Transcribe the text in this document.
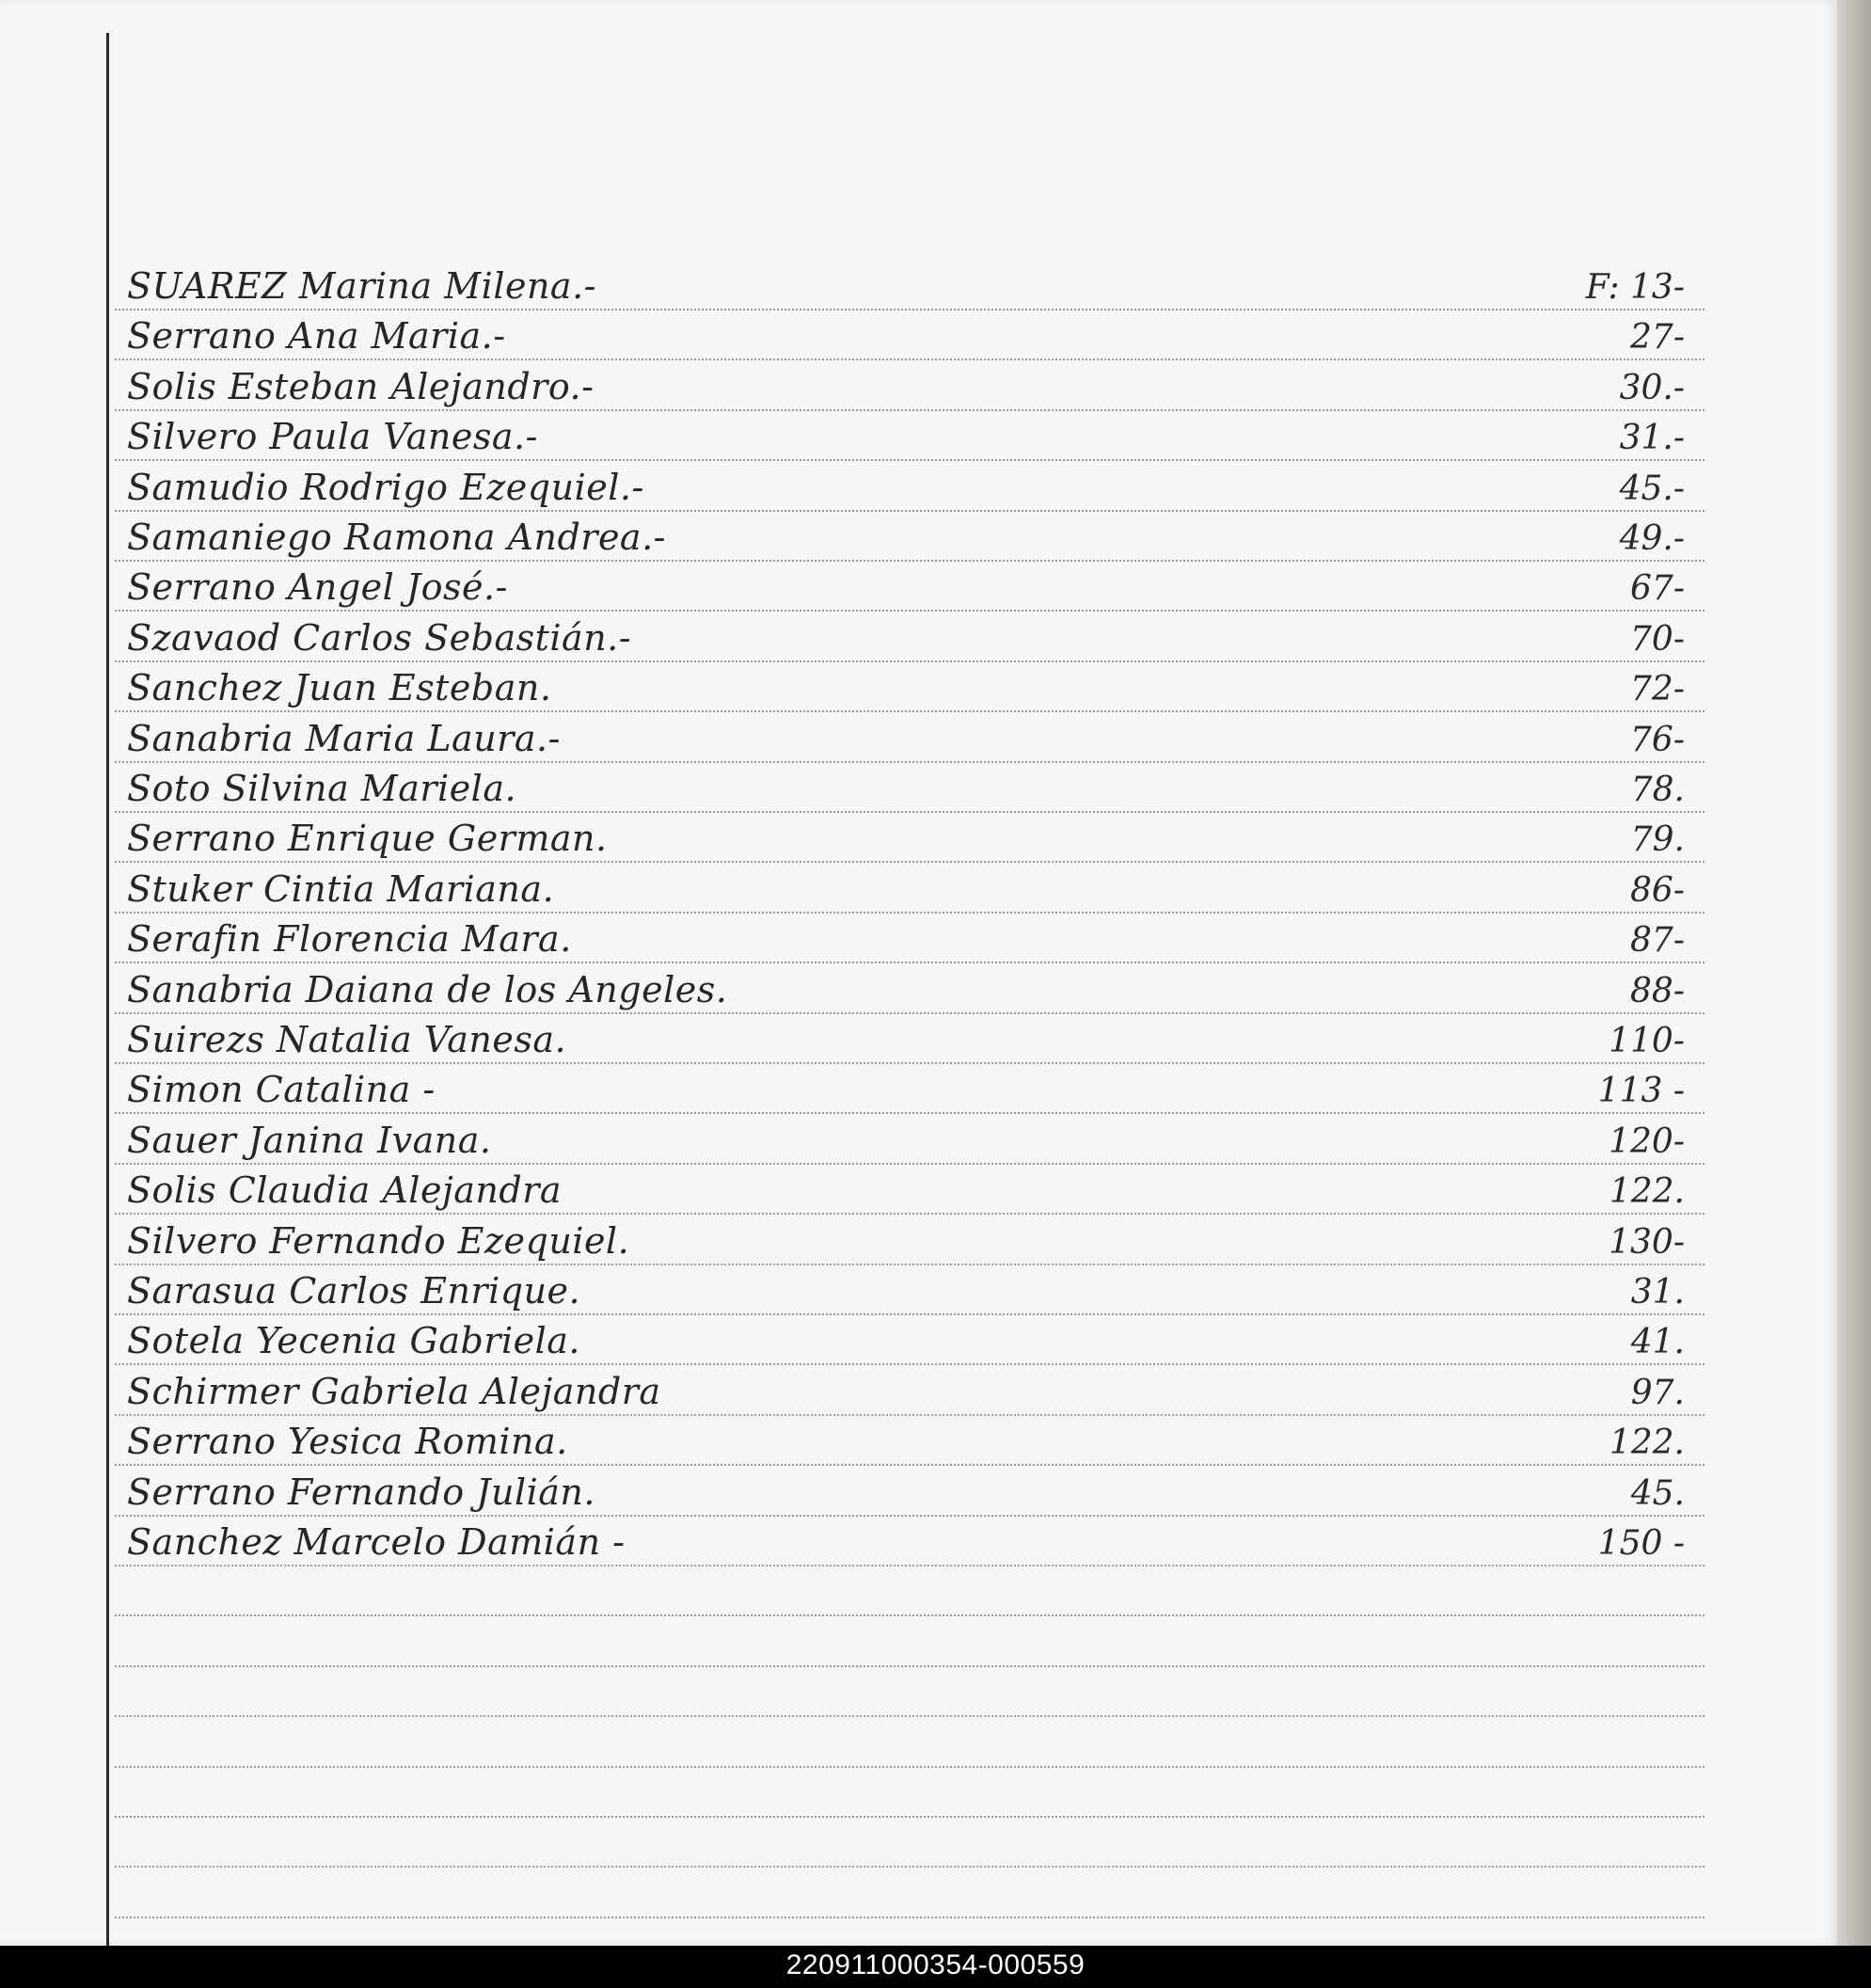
SUAREZ Marina Milena.-	F: 13-
Serrano Ana Maria.-	27-
Solis Esteban Alejandro.-	30.-
Silvero Paula Vanesa.-	31.-
Samudio Rodrigo Ezequiel.-	45.-
Samaniego Ramona Andrea.-	49.-
Serrano Angel José.-	67-
Szavaod Carlos Sebastián.-	70-
Sanchez Juan Esteban.	72-
Sanabria Maria Laura.-	76-
Soto Silvina Mariela.	78.
Serrano Enrique German.	79.
Stuker Cintia Mariana.	86-
Serafin Florencia Mara.	87-
Sanabria Daiana de los Angeles.	88-
Suirezs Natalia Vanesa.	110-
Simon Catalina -	113 -
Sauer Janina Ivana.	120-
Solis Claudia Alejandra	122.
Silvero Fernando Ezequiel.	130-
Sarasua Carlos Enrique.	31.
Sotela Yecenia Gabriela.	41.
Schirmer Gabriela Alejandra	97.
Serrano Yesica Romina.	122.
Serrano Fernando Julián.	45.
Sanchez Marcelo Damián -	150 -
220911000354-000559
